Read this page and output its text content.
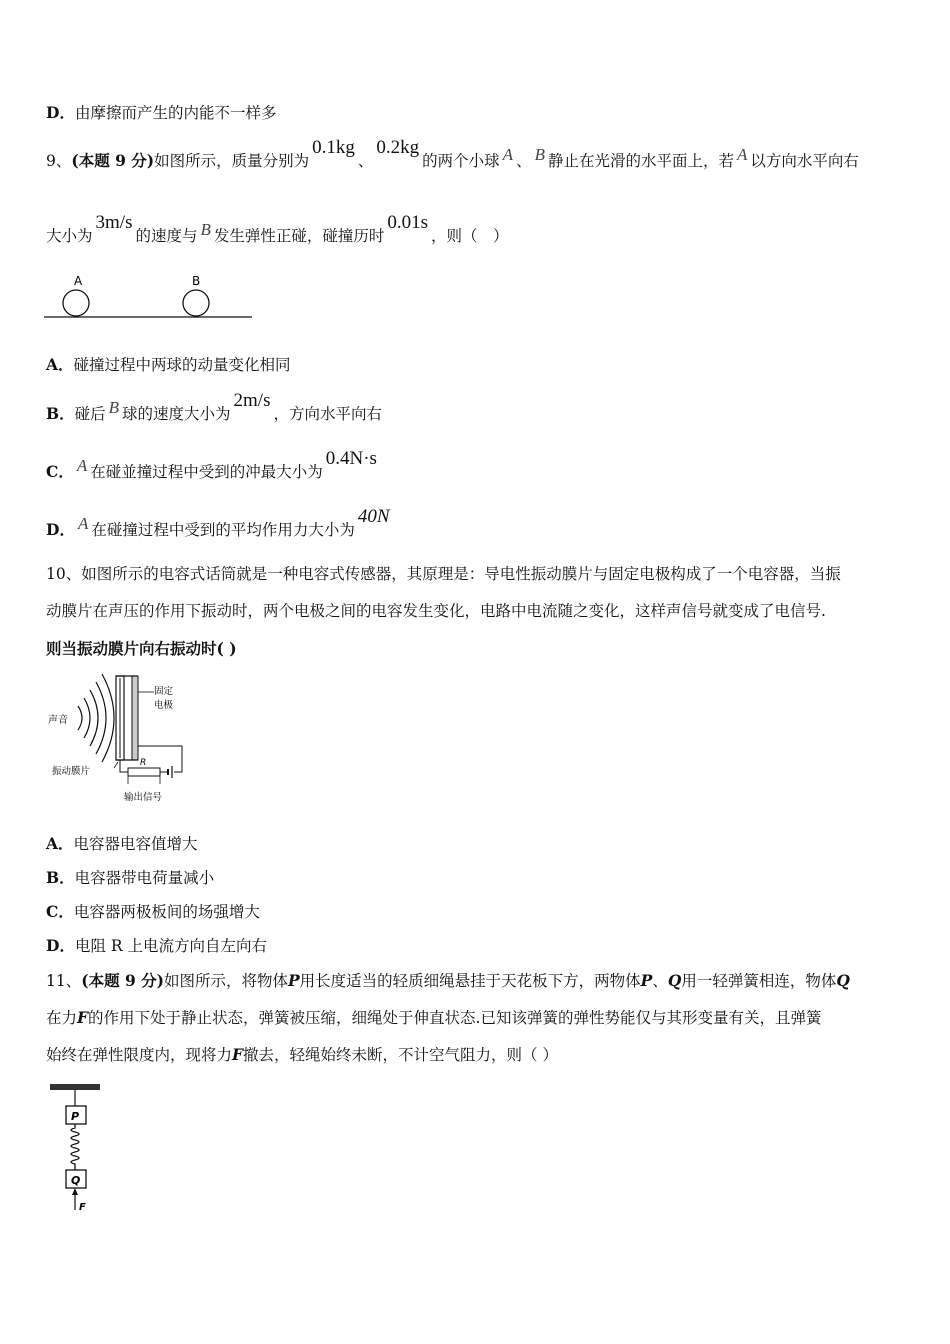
D．由摩擦而产生的内能不一样多
9、(本题 9 分)如图所示，质量分别为0.1kg、0.2kg的两个小球 A 、 B 静止在光滑的水平面上，若 A 以方向水平向右
大小为3m/s的速度与 B 发生弹性正碰，碰撞历时0.01s，则（　）
A	B
A．碰撞过程中两球的动量变化相同
B．碰后 B 球的速度大小为2m/s，方向水平向右
C． A 在碰並撞过程中受到的冲最大小为0.4N·s
D． A 在碰撞过程中受到的平均作用力大小为40N
10、如图所示的电容式话筒就是一种电容式传感器，其原理是：导电性振动膜片与固定电极构成了一个电容器，当振
动膜片在声压的作用下振动时，两个电极之间的电容发生变化，电路中电流随之变化，这样声信号就变成了电信号.
则当振动膜片向右振动时( )
声音
固定
电极
R
振动膜片
输出信号
A．电容器电容值增大
B．电容器带电荷量减小
C．电容器两极板间的场强增大
D．电阻 R 上电流方向自左向右
11、(本题 9 分)如图所示，将物体P用长度适当的轻质细绳悬挂于天花板下方，两物体P、Q用一轻弹簧相连，物体Q
在力F的作用下处于静止状态，弹簧被压缩，细绳处于伸直状态.已知该弹簧的弹性势能仅与其形变量有关，且弹簧
始终在弹性限度内，现将力F撤去，轻绳始终未断，不计空气阻力，则（ ）
P
Q
F
